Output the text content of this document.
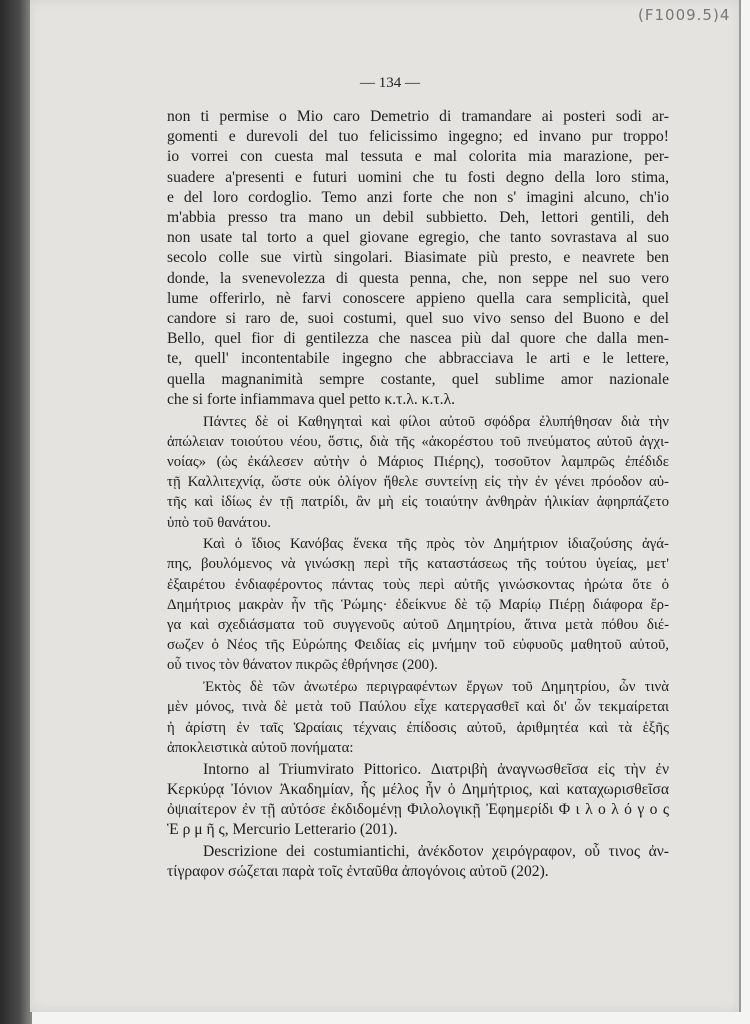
(F1009.5)4
— 134 —
non ti permise o Mio caro Demetrio di tramandare ai posteri sodi ar-
gomenti e durevoli del tuo felicissimo ingegno; ed invano pur troppo!
io vorrei con cuesta mal tessuta e mal colorita mia marazione, per-
suadere a'presenti e futuri uomini che tu fosti degno della loro stima,
e del loro cordoglio. Temo anzi forte che non s' imagini alcuno, ch'io
m'abbia presso tra mano un debil subbietto. Deh, lettori gentili, deh
non usate tal torto a quel giovane egregio, che tanto sovrastava al suo
secolo colle sue virtù singolari. Biasimate più presto, e neavrete ben
donde, la svenevolezza di questa penna, che, non seppe nel suo vero
lume offerirlo, nè farvi conoscere appieno quella cara semplicità, quel
candore si raro de, suoi costumi, quel suo vivo senso del Buono e del
Bello, quel fior di gentilezza che nascea più dal quore che dalla men-
te, quell' incontentabile ingegno che abbracciava le arti e le lettere,
quella magnanimità sempre costante, quel sublime amor nazionale
che si forte infiammava quel petto κ.τ.λ. κ.τ.λ.
Πάντες δὲ οἱ Καθηγηταὶ καὶ φίλοι αὐτοῦ σφόδρα ἐλυπήθησαν διὰ τὴν
ἀπώλειαν τοιούτου νέου, ὅστις, διὰ τῆς «ἀκορέστου τοῦ πνεύματος αὐτοῦ ἀγχι-
νοίας» (ὡς ἐκάλεσεν αὐτὴν ὁ Μάριος Πιέρης), τοσοῦτον λαμπρῶς ἐπέδιδε
τῇ Καλλιτεχνίᾳ, ὥστε οὐκ ὀλίγον ἤθελε συντείνῃ εἰς τὴν ἐν γένει πρόοδον αὐ-
τῆς καὶ ἰδίως ἐν τῇ πατρίδι, ἂν μὴ εἰς τοιαύτην ἀνθηρὰν ἡλικίαν ἀφηρπάζετο
ὑπὸ τοῦ θανάτου.
Καὶ ὁ ἴδιος Κανόβας ἕνεκα τῆς πρὸς τὸν Δημήτριον ἰδιαζούσης ἀγά-
πης, βουλόμενος νὰ γινώσκῃ περὶ τῆς καταστάσεως τῆς τούτου ὑγείας, μετ'
ἐξαιρέτου ἐνδιαφέροντος πάντας τοὺς περὶ αὐτῆς γινώσκοντας ἠρώτα ὅτε ὁ
Δημήτριος μακρὰν ἦν τῆς Ῥώμης· ἐδείκνυε δὲ τῷ Μαρίῳ Πιέρῃ διάφορα ἔρ-
γα καὶ σχεδιάσματα τοῦ συγγενοῦς αὐτοῦ Δημητρίου, ἅτινα μετὰ πόθου διέ-
σωζεν ὁ Νέος τῆς Εὐρώπης Φειδίας εἰς μνήμην τοῦ εὐφυοῦς μαθητοῦ αὐτοῦ,
οὗ τινος τὸν θάνατον πικρῶς ἐθρήνησε (200).
Ἐκτὸς δὲ τῶν ἀνωτέρω περιγραφέντων ἔργων τοῦ Δημητρίου, ὧν τινὰ
μὲν μόνος, τινὰ δὲ μετὰ τοῦ Παύλου εἶχε κατεργασθεῖ καὶ δι' ὧν τεκμαίρεται
ἡ ἀρίστη ἐν ταῖς Ὡραίαις τέχναις ἐπίδοσις αὐτοῦ, ἀριθμητέα καὶ τὰ ἑξῆς
ἀποκλειστικὰ αὐτοῦ πονήματα:
Intorno al Triumvirato Pittorico. Διατριβὴ ἀναγνωσθεῖσα εἰς τὴν ἐν
Κερκύρᾳ Ἰόνιον Ἀκαδημίαν, ἧς μέλος ἦν ὁ Δημήτριος, καὶ καταχωρισθεῖσα
ὀψιαίτερον ἐν τῇ αὐτόσε ἐκδιδομένῃ Φιλολογικῇ Ἐφημερίδι Φ ι λ ο λ ό γ ο ς
Ἑ ρ μ ῆ ς, Mercurio Letterario (201).
Descrizione dei costumiantichi, ἀνέκδοτον χειρόγραφον, οὗ τινος ἀν-
τίγραφον σώζεται παρὰ τοῖς ἐνταῦθα ἀπογόνοις αὐτοῦ (202).
